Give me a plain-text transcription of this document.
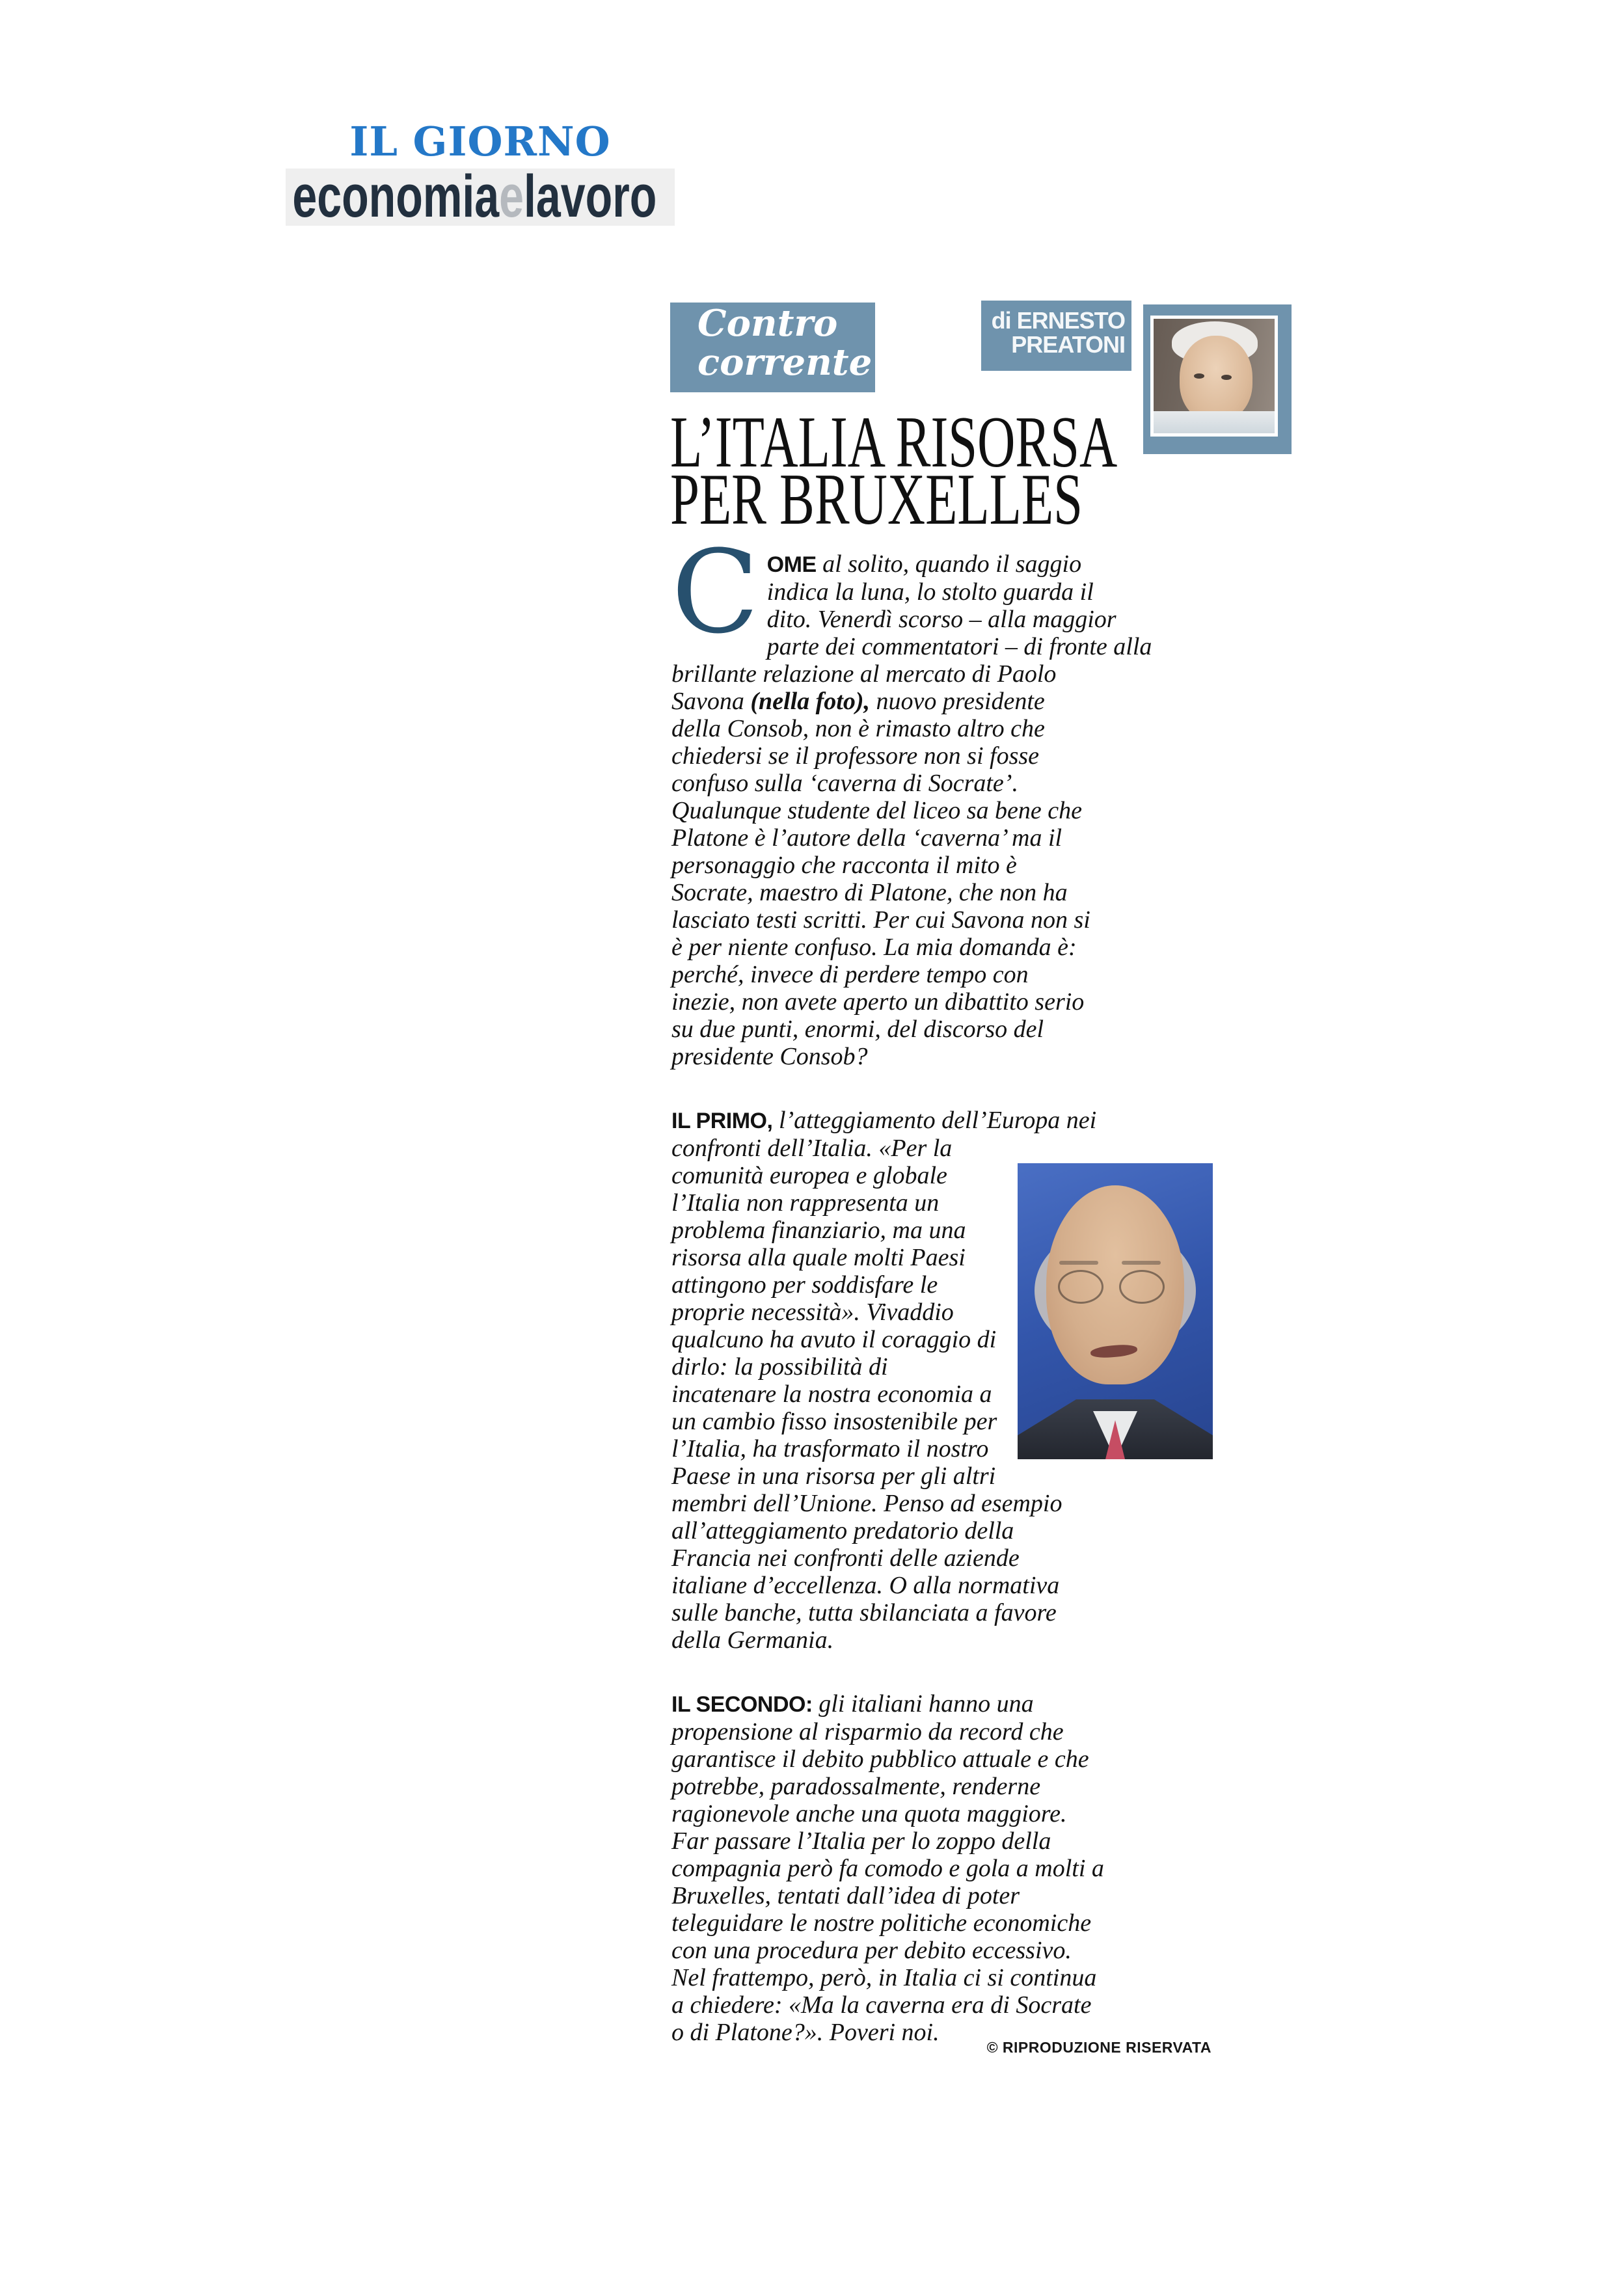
IL GIORNO
economiaelavoro
Contro
corrente
di ERNESTO
PREATONI
L’ITALIA RISORSA
PER BRUXELLES

COME al solito, quando il saggio
indica la luna, lo stolto guarda il
dito. Venerdì scorso – alla maggior
parte dei commentatori – di fronte alla
brillante relazione al mercato di Paolo
Savona (nella foto), nuovo presidente
della Consob, non è rimasto altro che
chiedersi se il professore non si fosse
confuso sulla ‘caverna di Socrate’.
Qualunque studente del liceo sa bene che
Platone è l’autore della ‘caverna’ ma il
personaggio che racconta il mito è
Socrate, maestro di Platone, che non ha
lasciato testi scritti. Per cui Savona non si
è per niente confuso. La mia domanda è:
perché, invece di perdere tempo con
inezie, non avete aperto un dibattito serio
su due punti, enormi, del discorso del
presidente Consob?

IL PRIMO, l’atteggiamento dell’Europa nei
confronti dell’Italia. «Per la

comunità europea e globale
l’Italia non rappresenta un
problema finanziario, ma una
risorsa alla quale molti Paesi
attingono per soddisfare le
proprie necessità». Vivaddio
qualcuno ha avuto il coraggio di
dirlo: la possibilità di
incatenare la nostra economia a
un cambio fisso insostenibile per
l’Italia, ha trasformato il nostro
Paese in una risorsa per gli altri
membri dell’Unione. Penso ad esempio
all’atteggiamento predatorio della
Francia nei confronti delle aziende
italiane d’eccellenza. O alla normativa
sulle banche, tutta sbilanciata a favore
della Germania.

IL SECONDO: gli italiani hanno una
propensione al risparmio da record che
garantisce il debito pubblico attuale e che
potrebbe, paradossalmente, renderne
ragionevole anche una quota maggiore.
Far passare l’Italia per lo zoppo della
compagnia però fa comodo e gola a molti a
Bruxelles, tentati dall’idea di poter
teleguidare le nostre politiche economiche
con una procedura per debito eccessivo.
Nel frattempo, però, in Italia ci si continua
a chiedere: «Ma la caverna era di Socrate
o di Platone?». Poveri noi.

© RIPRODUZIONE RISERVATA
